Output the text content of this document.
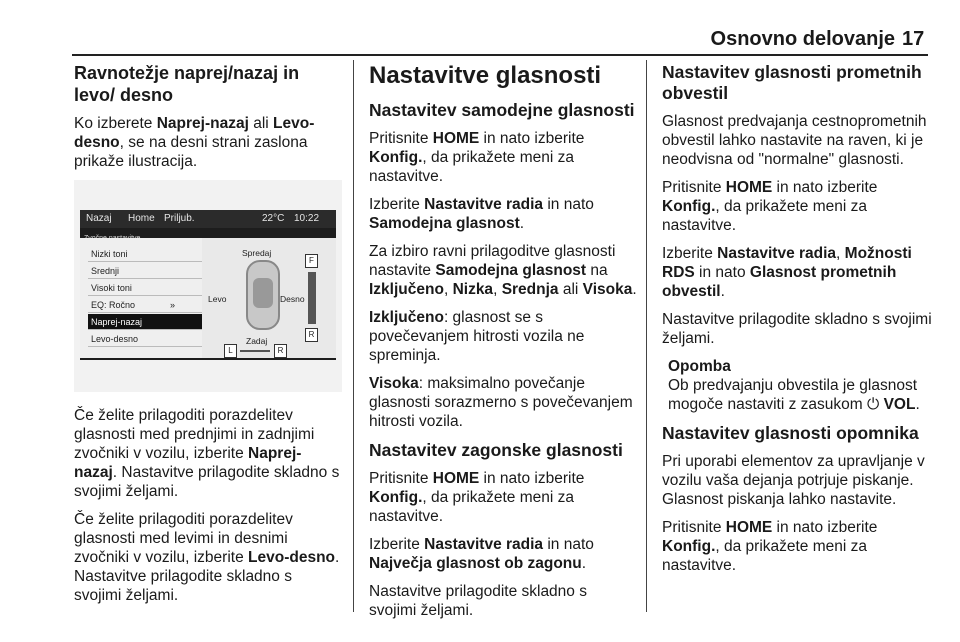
Osnovno delovanje 17
Ravnotežje naprej/nazaj in levo/ desno

Ko izberete Naprej-nazaj ali Levo-desno, se na desni strani zaslona prikaže ilustracija.

Nazaj Home Priljub.	22°C 10:22
Nizki toni
Srednji
Visoki toni
EQ: Ročno	»
Naprej-nazaj
Levo-desno
Spredaj
Levo	Desno
Zadaj
F
R
L	R

Če želite prilagoditi porazdelitev glasnosti med prednjimi in zadnjimi zvočniki v vozilu, izberite Naprej-nazaj. Nastavitve prilagodite skladno s svojimi željami.

Če želite prilagoditi porazdelitev glasnosti med levimi in desnimi zvočniki v vozilu, izberite Levo-desno. Nastavitve prilagodite skladno s svojimi željami.

Nastavitve glasnosti
Nastavitev samodejne glasnosti

Pritisnite HOME in nato izberite Konfig., da prikažete meni za nastavitve.

Izberite Nastavitve radia in nato Samodejna glasnost.

Za izbiro ravni prilagoditve glasnosti nastavite Samodejna glasnost na Izključeno, Nizka, Srednja ali Visoka.

Izključeno: glasnost se s povečevanjem hitrosti vozila ne spreminja.

Visoka: maksimalno povečanje glasnosti sorazmerno s povečevanjem hitrosti vozila.

Nastavitev zagonske glasnosti

Pritisnite HOME in nato izberite Konfig., da prikažete meni za nastavitve.

Izberite Nastavitve radia in nato Največja glasnost ob zagonu.

Nastavitve prilagodite skladno s svojimi željami.

Nastavitev glasnosti prometnih obvestil

Glasnost predvajanja cestnoprometnih obvestil lahko nastavite na raven, ki je neodvisna od "normalne" glasnosti.

Pritisnite HOME in nato izberite Konfig., da prikažete meni za nastavitve.

Izberite Nastavitve radia, Možnosti RDS in nato Glasnost prometnih obvestil.

Nastavitve prilagodite skladno s svojimi željami.

Opomba

Ob predvajanju obvestila je glasnost mogoče nastaviti z zasukom ⏻ VOL.

Nastavitev glasnosti opomnika

Pri uporabi elementov za upravljanje v vozilu vaša dejanja potrjuje piskanje. Glasnost piskanja lahko nastavite.

Pritisnite HOME in nato izberite Konfig., da prikažete meni za nastavitve.
